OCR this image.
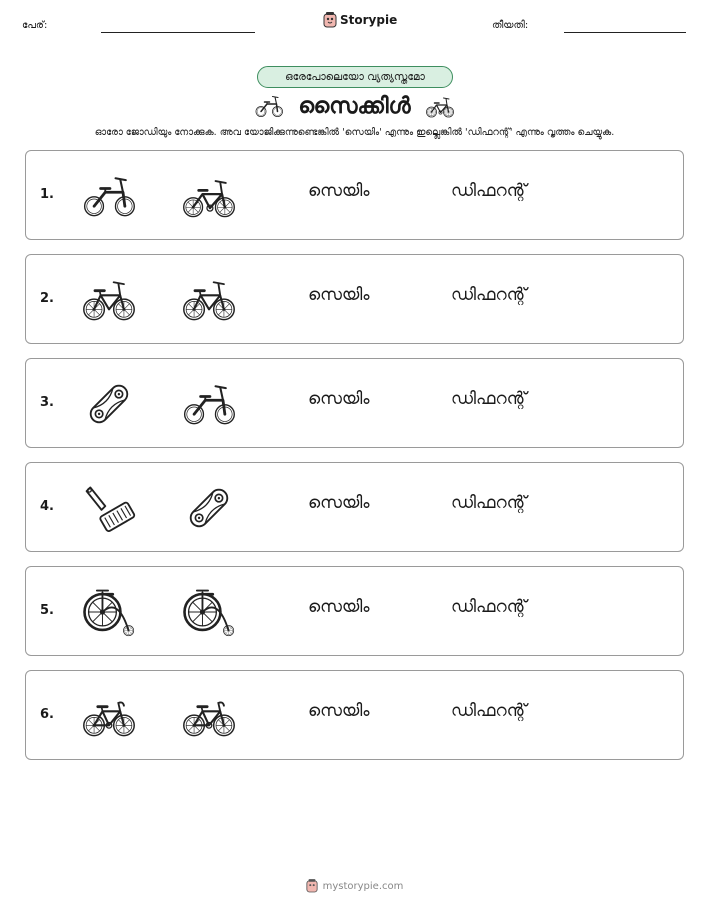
പേര്:	Storypie	തീയതി:
ഒരേപോലെയോ വ്യത്യസ്തമോ
സൈക്കിൾ
ഓരോ ജോഡിയും നോക്കുക. അവ യോജിക്കുന്നുണ്ടെങ്കിൽ 'സെയിം' എന്നും ഇല്ലെങ്കിൽ 'ഡിഫറന്റ്' എന്നും വൃത്തം ചെയ്യുക.
1.	സെയിം	ഡിഫറന്റ്
2.	സെയിം	ഡിഫറന്റ്
3.	സെയിം	ഡിഫറന്റ്
4.	സെയിം	ഡിഫറന്റ്
5.	സെയിം	ഡിഫറന്റ്
6.	സെയിം	ഡിഫറന്റ്
mystorypie.com
